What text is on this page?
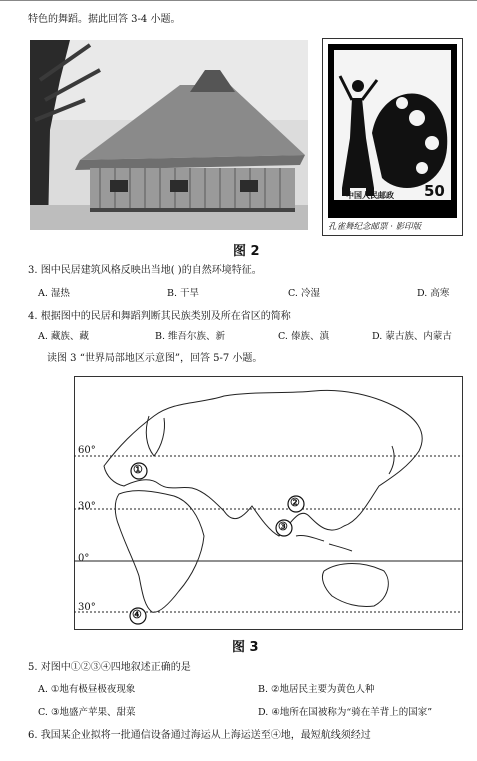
特色的舞蹈。据此回答 3-4 小题。
中国人民邮政 50
孔雀舞纪念邮票 · 影印版
图 2
3. 图中民居建筑风格反映出当地( )的自然环境特征。
A. 湿热	B. 干旱	C. 冷湿	D. 高寒
4. 根据图中的民居和舞蹈判断其民族类别及所在省区的简称
A. 藏族、藏	B. 维吾尔族、新	C. 傣族、滇	D. 蒙古族、内蒙古
读图 3 “世界局部地区示意图”，回答 5-7 小题。
60°
30°
0°
30°
①
②
③
④
图 3
5. 对图中①②③④四地叙述正确的是
A. ①地有极昼极夜现象	B. ②地居民主要为黄色人种
C. ③地盛产苹果、甜菜	D. ④地所在国被称为“骑在羊背上的国家”
6. 我国某企业拟将一批通信设备通过海运从上海运送至④地，最短航线须经过
